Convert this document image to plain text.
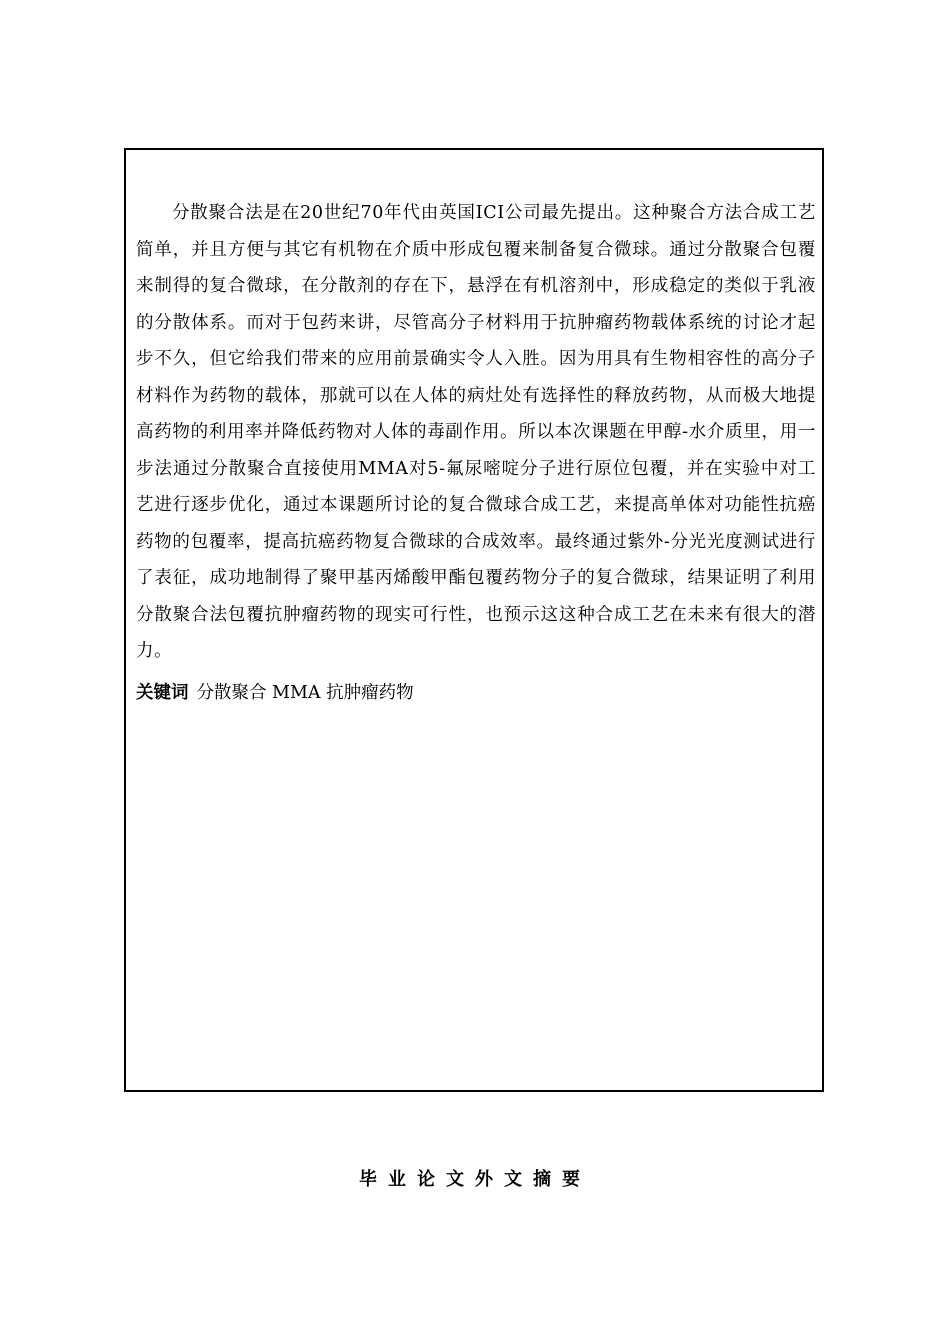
分散聚合法是在20世纪70年代由英国ICI公司最先提出。这种聚合方法合成工艺简单，并且方便与其它有机物在介质中形成包覆来制备复合微球。通过分散聚合包覆来制得的复合微球，在分散剂的存在下，悬浮在有机溶剂中，形成稳定的类似于乳液的分散体系。而对于包药来讲，尽管高分子材料用于抗肿瘤药物载体系统的讨论才起步不久，但它给我们带来的应用前景确实令人入胜。因为用具有生物相容性的高分子材料作为药物的载体，那就可以在人体的病灶处有选择性的释放药物，从而极大地提高药物的利用率并降低药物对人体的毒副作用。所以本次课题在甲醇-水介质里，用一步法通过分散聚合直接使用MMA对5-氟尿嘧啶分子进行原位包覆，并在实验中对工艺进行逐步优化，通过本课题所讨论的复合微球合成工艺，来提高单体对功能性抗癌药物的包覆率，提高抗癌药物复合微球的合成效率。最终通过紫外-分光光度测试进行了表征，成功地制得了聚甲基丙烯酸甲酯包覆药物分子的复合微球，结果证明了利用分散聚合法包覆抗肿瘤药物的现实可行性，也预示这这种合成工艺在未来有很大的潜力。

关键词 分散聚合 MMA 抗肿瘤药物
毕业论文外文摘要
